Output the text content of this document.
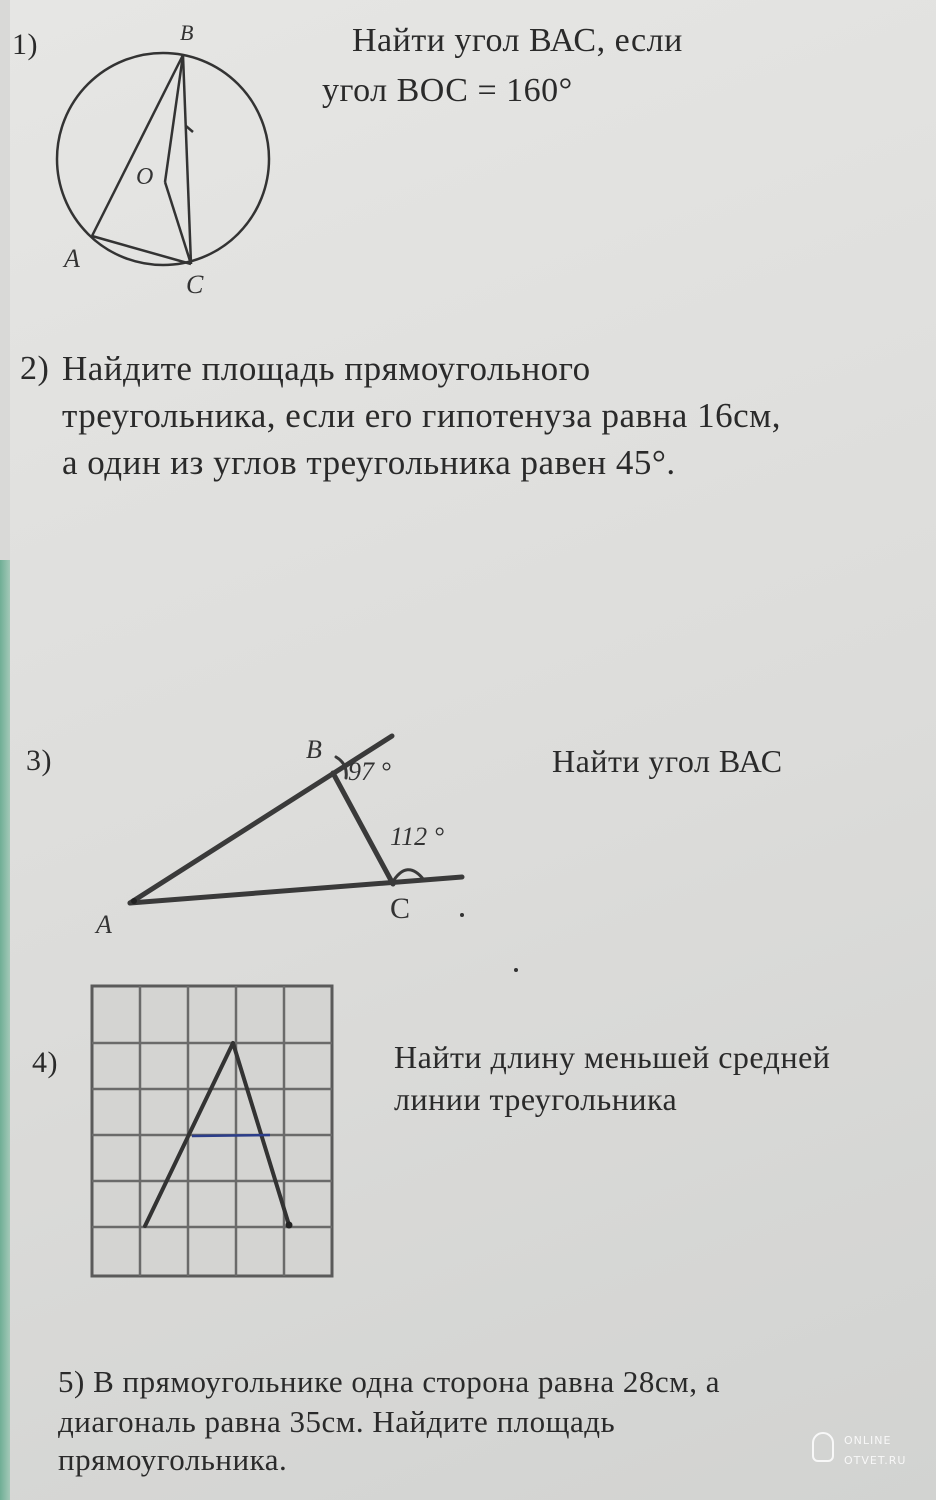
1)	Найти угол ВАС, если
угол ВОС = 160°
B
O
A
C
2) Найдите площадь прямоугольного
треугольника, если его гипотенуза равна 16см,
а один из углов треугольника равен 45°.
3)	Найти угол ВАС
B
97 °
112 °
A	C
4)	Найти длину меньшей средней
линии треугольника
5) В прямоугольнике одна сторона равна 28см, а
диагональ равна 35см. Найдите площадь
прямоугольника.
ONLINE
OTVET.RU
